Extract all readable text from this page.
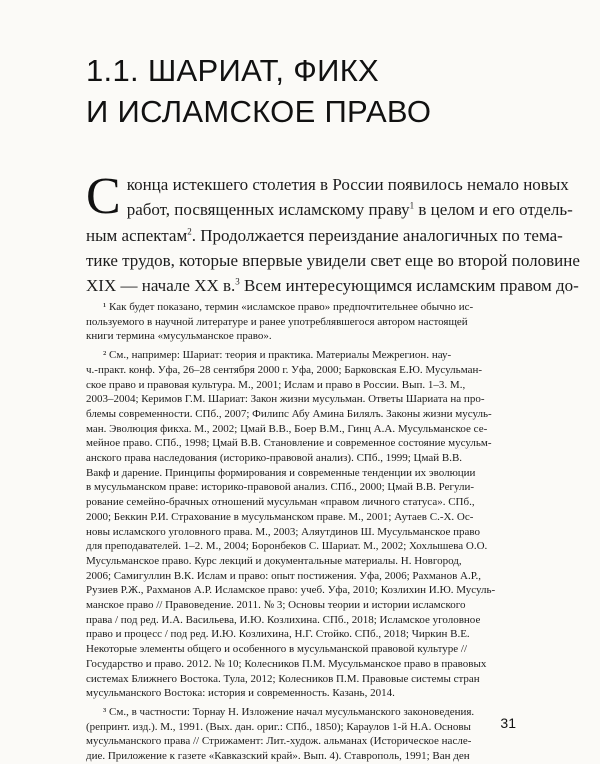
1.1. ШАРИАТ, ФИКХ
И ИСЛАМСКОЕ ПРАВО
С конца истекшего столетия в России появилось немало новых
работ, посвященных исламскому праву$^1$ в целом и его отдель-
ным аспектам$^2$. Продолжается переиздание аналогичных по тема-
тике трудов, которые впервые увидели свет еще во второй половине
XIX — начале XX в.$^3$ Всем интересующимся исламским правом до-
¹ Как будет показано, термин «исламское право» предпочтительнее обычно ис-
пользуемого в научной литературе и ранее употреблявшегося автором настоящей
книги термина «мусульманское право».
² См., например: Шариат: теория и практика. Материалы Межрегион. нау-
ч.-практ. конф. Уфа, 26–28 сентября 2000 г. Уфа, 2000; Барковская Е.Ю. Мусульман-
ское право и правовая культура. М., 2001; Ислам и право в России. Вып. 1–3. М.,
2003–2004; Керимов Г.М. Шариат: Закон жизни мусульман. Ответы Шариата на про-
блемы современности. СПб., 2007; Филипс Абу Амина Билялъ. Законы жизни мусуль-
ман. Эволюция фикха. М., 2002; Цмай В.В., Боер В.М., Гинц А.А. Мусульманское се-
мейное право. СПб., 1998; Цмай В.В. Становление и современное состояние мусульм-
анского права наследования (историко-правовой анализ). СПб., 1999; Цмай В.В.
Вакф и дарение. Принципы формирования и современные тенденции их эволюции
в мусульманском праве: историко-правовой анализ. СПб., 2000; Цмай В.В. Регули-
рование семейно-брачных отношений мусульман «правом личного статуса». СПб.,
2000; Беккин Р.И. Страхование в мусульманском праве. М., 2001; Аутаев С.-Х. Ос-
новы исламского уголовного права. М., 2003; Аляутдинов Ш. Мусульманское право
для преподавателей. 1–2. М., 2004; Боронбеков С. Шариат. М., 2002; Хохлышева О.О.
Мусульманское право. Курс лекций и документальные материалы. Н. Новгород,
2006; Самигуллин В.К. Ислам и право: опыт постижения. Уфа, 2006; Рахманов А.Р.,
Рузиев Р.Ж., Рахманов А.Р. Исламское право: учеб. Уфа, 2010; Козлихин И.Ю. Мусуль-
манское право // Правоведение. 2011. № 3; Основы теории и истории исламского
права / под ред. И.А. Васильева, И.Ю. Козлихина. СПб., 2018; Исламское уголовное
право и процесс / под ред. И.Ю. Козлихина, Н.Г. Стойко. СПб., 2018; Чиркин В.Е.
Некоторые элементы общего и особенного в мусульманской правовой культуре //
Государство и право. 2012. № 10; Колесников П.М. Мусульманское право в правовых
системах Ближнего Востока. Тула, 2012; Колесников П.М. Правовые системы стран
мусульманского Востока: история и современность. Казань, 2014.
³ См., в частности: Торнау Н. Изложение начал мусульманского законоведения.
(репринт. изд.). М., 1991. (Вых. дан. ориг.: СПб., 1850); Караулов 1-й Н.А. Основы
мусульманского права // Стрижамент: Лит.-худож. альманах (Историческое насле-
дие. Приложение к газете «Кавказский край». Вып. 4). Ставрополь, 1991; Ван ден
31
